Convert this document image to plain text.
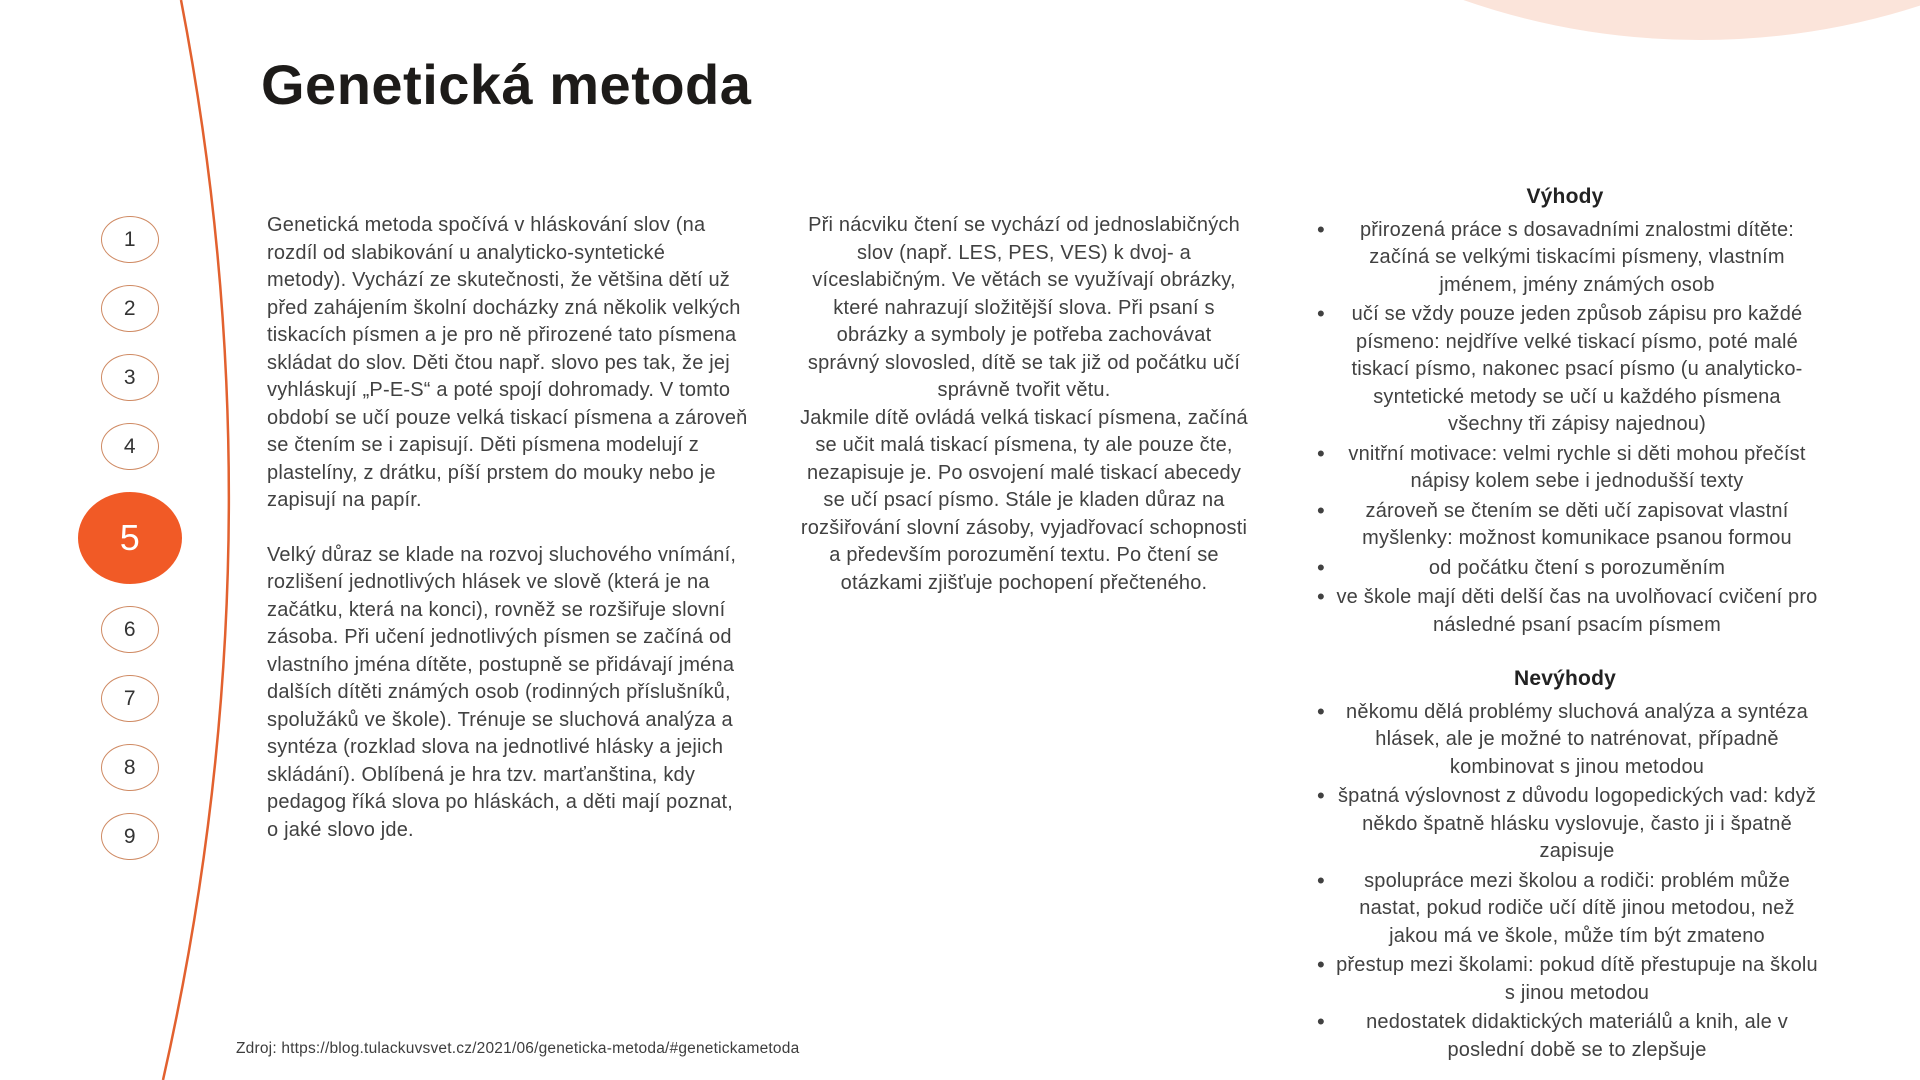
1
2
3
4
5
6
7
8
9
Genetická metoda

Genetická metoda spočívá v hláskování slov (na rozdíl od slabikování u analyticko-syntetické metody). Vychází ze skutečnosti, že většina dětí už před zahájením školní docházky zná několik velkých tiskacích písmen a je pro ně přirozené tato písmena skládat do slov. Děti čtou např. slovo pes tak, že jej vyhláskují „P-E-S“ a poté spojí dohromady. V tomto období se učí pouze velká tiskací písmena a zároveň se čtením se i zapisují. Děti písmena modelují z plastelíny, z drátku, píší prstem do mouky nebo je zapisují na papír.

Velký důraz se klade na rozvoj sluchového vnímání, rozlišení jednotlivých hlásek ve slově (která je na začátku, která na konci), rovněž se rozšiřuje slovní zásoba. Při učení jednotlivých písmen se začíná od vlastního jména dítěte, postupně se přidávají jména dalších dítěti známých osob (rodinných příslušníků, spolužáků ve škole). Trénuje se sluchová analýza a syntéza (rozklad slova na jednotlivé hlásky a jejich skládání). Oblíbená je hra tzv. marťanština, kdy pedagog říká slova po hláskách, a děti mají poznat, o jaké slovo jde.

Při nácviku čtení se vychází od jednoslabičných slov (např. LES, PES, VES) k dvoj- a víceslabičným. Ve větách se využívají obrázky, které nahrazují složitější slova. Při psaní s obrázky a symboly je potřeba zachovávat správný slovosled, dítě se tak již od počátku učí správně tvořit větu.

Jakmile dítě ovládá velká tiskací písmena, začíná se učit malá tiskací písmena, ty ale pouze čte, nezapisuje je. Po osvojení malé tiskací abecedy se učí psací písmo. Stále je kladen důraz na rozšiřování slovní zásoby, vyjadřovací schopnosti a především porozumění textu. Po čtení se otázkami zjišťuje pochopení přečteného.

Výhody
• přirozená práce s dosavadními znalostmi dítěte: začíná se velkými tiskacími písmeny, vlastním jménem, jmény známých osob
• učí se vždy pouze jeden způsob zápisu pro každé písmeno: nejdříve velké tiskací písmo, poté malé tiskací písmo, nakonec psací písmo (u analyticko-syntetické metody se učí u každého písmena všechny tři zápisy najednou)
• vnitřní motivace: velmi rychle si děti mohou přečíst nápisy kolem sebe i jednodušší texty
• zároveň se čtením se děti učí zapisovat vlastní myšlenky: možnost komunikace psanou formou
• od počátku čtení s porozuměním
• ve škole mají děti delší čas na uvolňovací cvičení pro následné psaní psacím písmem
Nevýhody
• někomu dělá problémy sluchová analýza a syntéza hlásek, ale je možné to natrénovat, případně kombinovat s jinou metodou
• špatná výslovnost z důvodu logopedických vad: když někdo špatně hlásku vyslovuje, často ji i špatně zapisuje
• spolupráce mezi školou a rodiči: problém může nastat, pokud rodiče učí dítě jinou metodou, než jakou má ve škole, může tím být zmateno
• přestup mezi školami: pokud dítě přestupuje na školu s jinou metodou
• nedostatek didaktických materiálů a knih, ale v poslední době se to zlepšuje
Zdroj: https://blog.tulackuvsvet.cz/2021/06/geneticka-metoda/#genetickametoda
